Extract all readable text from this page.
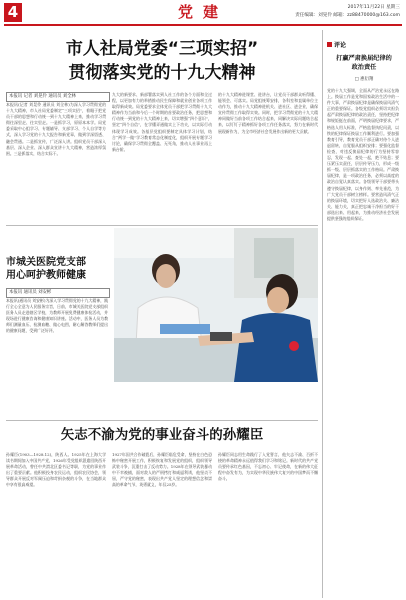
党建
4	2017年11月22日 星期三
责任编辑：刘晃伶 邮箱：zz88470000@163.com
市人社局党委“三项实招”
贯彻落实党的十九大精神
本报讯 记者 刘晃伶 通讯员 刘全林
本报讯(记者 刘晃伶 通讯员 刘全林)为深入学习贯彻党的十九大精神，市人社局党委制定“三项实招”，着眼于把党员干部的思想和行动统一到十九大精神上来，推动学习贯彻往深里走、往实里走。一是抓学习，原原本本学。局党委采取中心组学习、专题辅导、支部学习、个人自学等方式，深入学习党的十九大报告和新党章，做到学深悟透、融会贯通。二是抓宣传，广泛深入讲。组织党员干部深入基层、深入企业、深入群众宣讲十九大精神，营造浓厚氛围。三是抓落实，结合实际干。
九大的新要求、新部署落实到人社工作的各个方面和全过程，以更加有力的举措推动民生保障和就业创业各项工作取得新成效。局党委要求全体党员干部把学习贯彻十九大精神作为当前和今后一个时期的首要政治任务，把思想和行动统一到党的十九大精神上来，切实增强“四个意识”，坚定“四个自信”，在学懂弄通做实上下功夫，以实际行动体现学习成效。各基层党组织要制定具体学习计划，结合“两学一做”学习教育常态化制度化，组织开展专题学习讨论，确保学习贯彻全覆盖、无死角，推动人社事业再上新台阶。
的十九大精神进课堂、进讲台，让党员干部群众听得懂、能领会、可落实。局党组统筹安排，各科室和直属单位主动作为，推动十九大精神进机关、进社区、进企业，确保宣传贯彻工作取得实效。同时，把学习贯彻党的十九大精神同做好当前各项工作结合起来，同解决实际问题结合起来，以钉钉子精神抓好各项工作任务落实，努力在新时代展现新作为，为全市经济社会发展作出新的更大贡献。
市城关医院党支部
用心呵护教师健康
本报讯 通讯员 刘安彬
本报讯(通讯员 刘安彬)为深入学习贯彻党的十九大精神，践行全心全意为人民服务宗旨，日前，市城关医院党支部组织医务人员走进辖区学校，为教师开展免费健康体检活动，并现场进行健康咨询和健康知识讲座。活动中，医务人员为教师们测量血压、检测血糖、做心电图，耐心解答教师们提出的健康问题，受到广泛好评。
矢志不渝为党的事业奋斗的孙耀臣
孙耀臣(1903—1928.12)，陕西人。1925年在上海大学读书期间加入中国共产党，1926年受党组织派遣回陕西开展革命活动，曾任中共渭北区委书记等职，为党的事业作出了重要贡献。他积极投身农民运动，组织农民协会，领导群众开展反对军阀压迫和苛捐杂税的斗争，在当地群众中享有很高威望。
1927年国共合作破裂后，孙耀臣临危受命，坚持在白色恐怖中秘密开展工作，积极恢复和发展党的组织，组织领导武装斗争，沉重打击了反动势力。1928年在领导武装暴动中不幸被捕，面对敌人的严刑拷打和威逼利诱，他坚贞不屈，严守党的秘密，表现出共产党人坚定的理想信念和崇高的革命气节，英勇就义，年仅25岁。
孙耀臣同志用生命践行了入党誓言，他矢志不渝、百折不挠的革命精神永远值得我们学习和铭记。新时代的共产党员要传承红色基因，不忘初心、牢记使命，在新的伟大征程中奋发有为，为实现中华民族伟大复兴的中国梦而不懈奋斗。
评论
打赢严肃换届纪律的
政治责任
□ 惠衍翔
党的十九大强调，全面从严治党永远在路上。换届工作是党和国家政治生活中的一件大事，严肃换届纪律是确保换届风清气正的重要保证。各级党组织必须切实担负起严肃换届纪律的政治责任，坚持把纪律和规矩挺在前面，严明换届纪律要求，严格选人用人标准，严格监督执纪问责，以铁的纪律保证换届工作顺利进行。要加强教育引导，教育党员干部正确对待个人进退留转，自觉服从组织安排；要强化监督检查，对违反换届纪律的行为坚持零容忍，发现一起、查处一起，绝不姑息；要压紧压实责任，层层传导压力，形成一级抓一级、层层抓落实的工作格局。严肃换届纪律，是一项政治任务，必须以高度的政治自觉认真落实。各级领导干部要带头遵守换届纪律，以身作则、率先垂范，为广大党员干部树立榜样。要营造风清气正的换届环境，切实把好人选政治关、廉洁关、能力关，真正把忠诚干净担当的好干部选出来、用起来，为推动经济社会发展提供坚强的组织保证。
